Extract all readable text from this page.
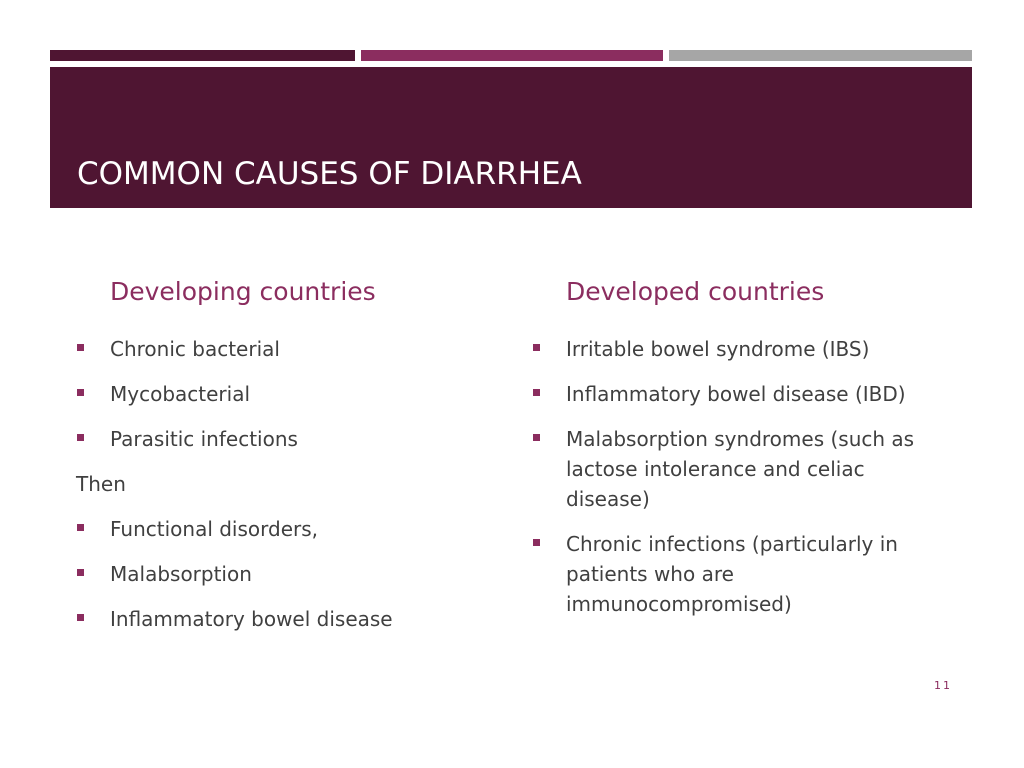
COMMON CAUSES OF DIARRHEA
Developing countries
Chronic bacterial
Mycobacterial
Parasitic infections
Then
Functional disorders,
Malabsorption
Inflammatory bowel disease
Developed countries
Irritable bowel syndrome (IBS)
Inflammatory bowel disease (IBD)
Malabsorption syndromes (such as lactose intolerance and celiac disease)
Chronic infections (particularly in patients who are immunocompromised)
11
